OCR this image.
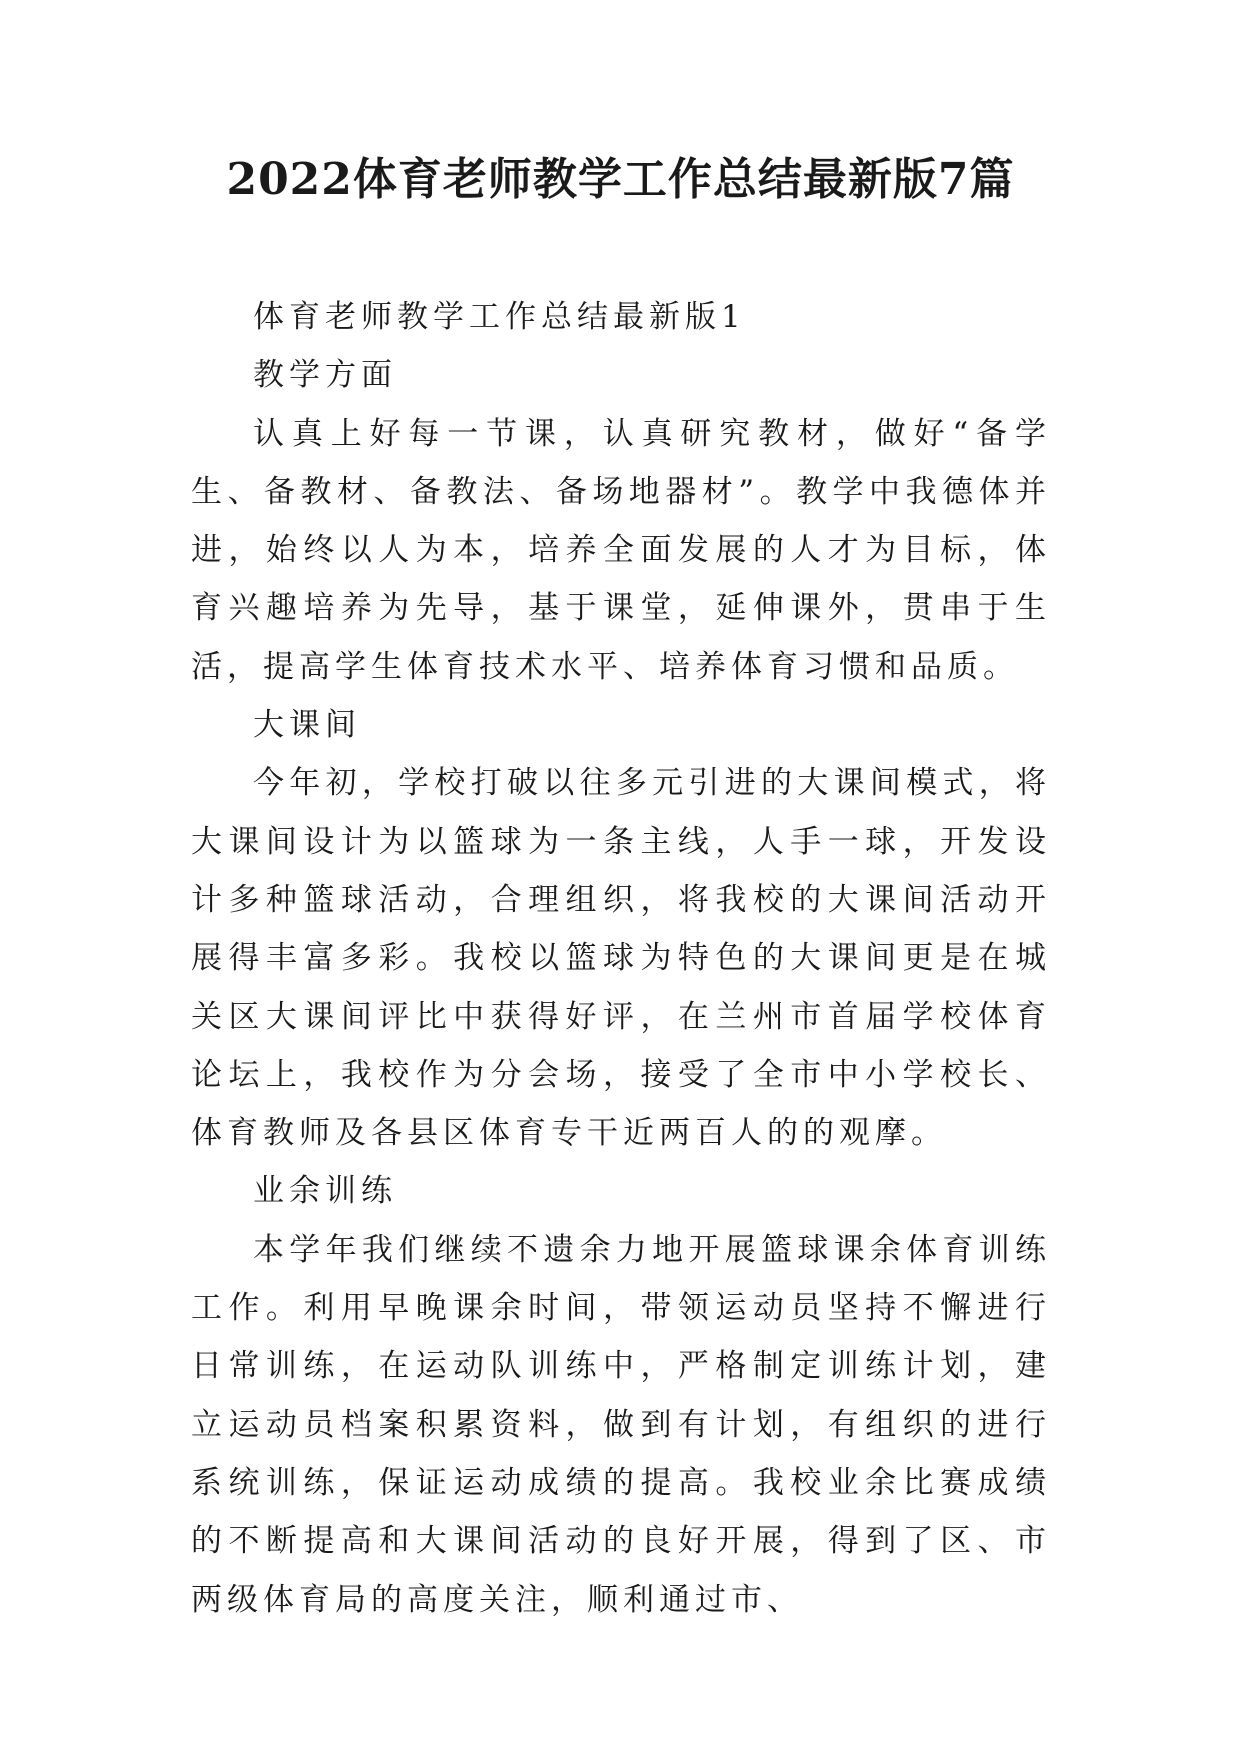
2022体育老师教学工作总结最新版7篇

体育老师教学工作总结最新版1

教学方面

认真上好每一节课，认真研究教材，做好“备学生、备教材、备教法、备场地器材”。教学中我德体并进，始终以人为本，培养全面发展的人才为目标，体育兴趣培养为先导，基于课堂，延伸课外，贯串于生活，提高学生体育技术水平、培养体育习惯和品质。

大课间

今年初，学校打破以往多元引进的大课间模式，将大课间设计为以篮球为一条主线，人手一球，开发设计多种篮球活动，合理组织，将我校的大课间活动开展得丰富多彩。我校以篮球为特色的大课间更是在城关区大课间评比中获得好评，在兰州市首届学校体育论坛上，我校作为分会场，接受了全市中小学校长、体育教师及各县区体育专干近两百人的的观摩。

业余训练

本学年我们继续不遗余力地开展篮球课余体育训练工作。利用早晚课余时间，带领运动员坚持不懈进行日常训练，在运动队训练中，严格制定训练计划，建立运动员档案积累资料，做到有计划，有组织的进行系统训练，保证运动成绩的提高。我校业余比赛成绩的不断提高和大课间活动的良好开展，得到了区、市两级体育局的高度关注，顺利通过市、
